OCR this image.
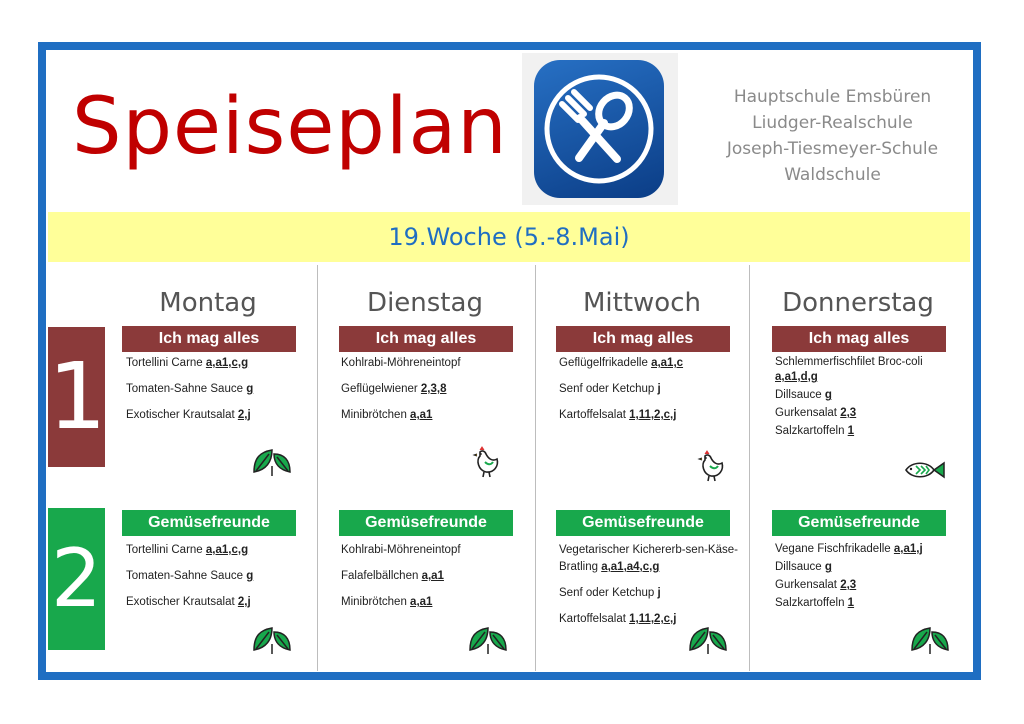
Speiseplan	Hauptschule Emsbüren
Liudger-Realschule
Joseph-Tiesmeyer-Schule
Waldschule
19.Woche (5.-8.Mai)
1
2
Montag
Ich mag alles
Tortellini Carne a,a1,c,g
Tomaten-Sahne Sauce g
Exotischer Krautsalat 2,j
Gemüsefreunde
Tortellini Carne a,a1,c,g
Tomaten-Sahne Sauce g
Exotischer Krautsalat 2,j
Dienstag
Ich mag alles
Kohlrabi-Möhreneintopf
Geflügelwiener 2,3,8
Minibrötchen a,a1
Gemüsefreunde
Kohlrabi-Möhreneintopf
Falafelbällchen a,a1
Minibrötchen a,a1
Mittwoch
Ich mag alles
Geflügelfrikadelle a,a1,c
Senf oder Ketchup j
Kartoffelsalat 1,11,2,c,j
Gemüsefreunde
Vegetarischer Kichererb-sen-Käse-Bratling a,a1,a4,c,g
Senf oder Ketchup j
Kartoffelsalat 1,11,2,c,j
Donnerstag
Ich mag alles
Schlemmerfischfilet Broc-coli a,a1,d,g
Dillsauce g
Gurkensalat 2,3
Salzkartoffeln 1
Gemüsefreunde
Vegane Fischfrikadelle a,a1,j
Dillsauce g
Gurkensalat 2,3
Salzkartoffeln 1
